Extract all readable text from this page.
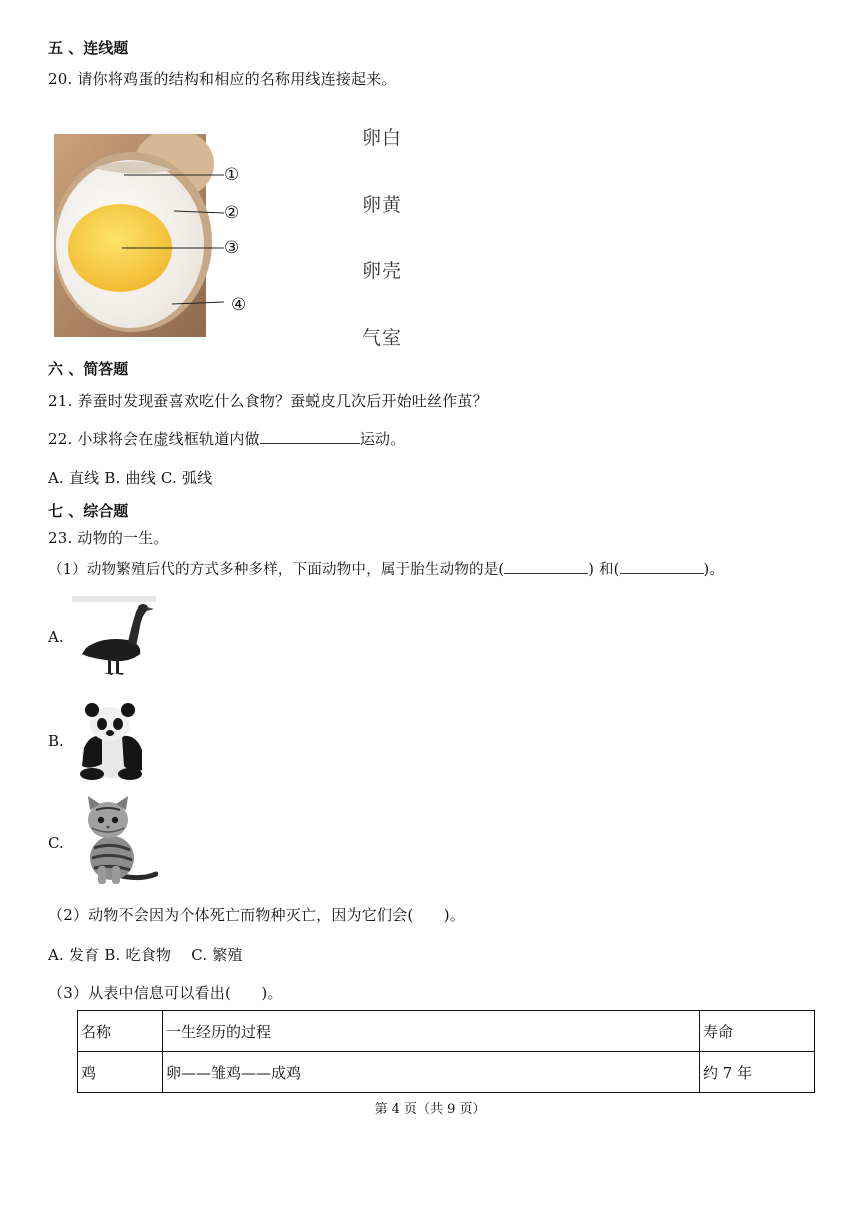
五 、连线题
20. 请你将鸡蛋的结构和相应的名称用线连接起来。
①
②
③
④
卵白
卵黄
卵壳
气室
六 、简答题
21. 养蚕时发现蚕喜欢吃什么食物？蚕蜕皮几次后开始吐丝作茧？
22. 小球将会在虚线框轨道内做	运动。
A. 直线 B. 曲线 C. 弧线
七 、综合题
23. 动物的一生。
（1）动物繁殖后代的方式多种多样，下面动物中，属于胎生动物的是(	) 和(	)。
A.
B.
C.
（2）动物不会因为个体死亡而物种灭亡，因为它们会(　　)。
A. 发育 B. 吃食物　 C. 繁殖
（3）从表中信息可以看出(　　)。
名称	一生经历的过程	寿命
鸡	卵——雏鸡——成鸡	约 7 年
第 4 页（共 9 页）
